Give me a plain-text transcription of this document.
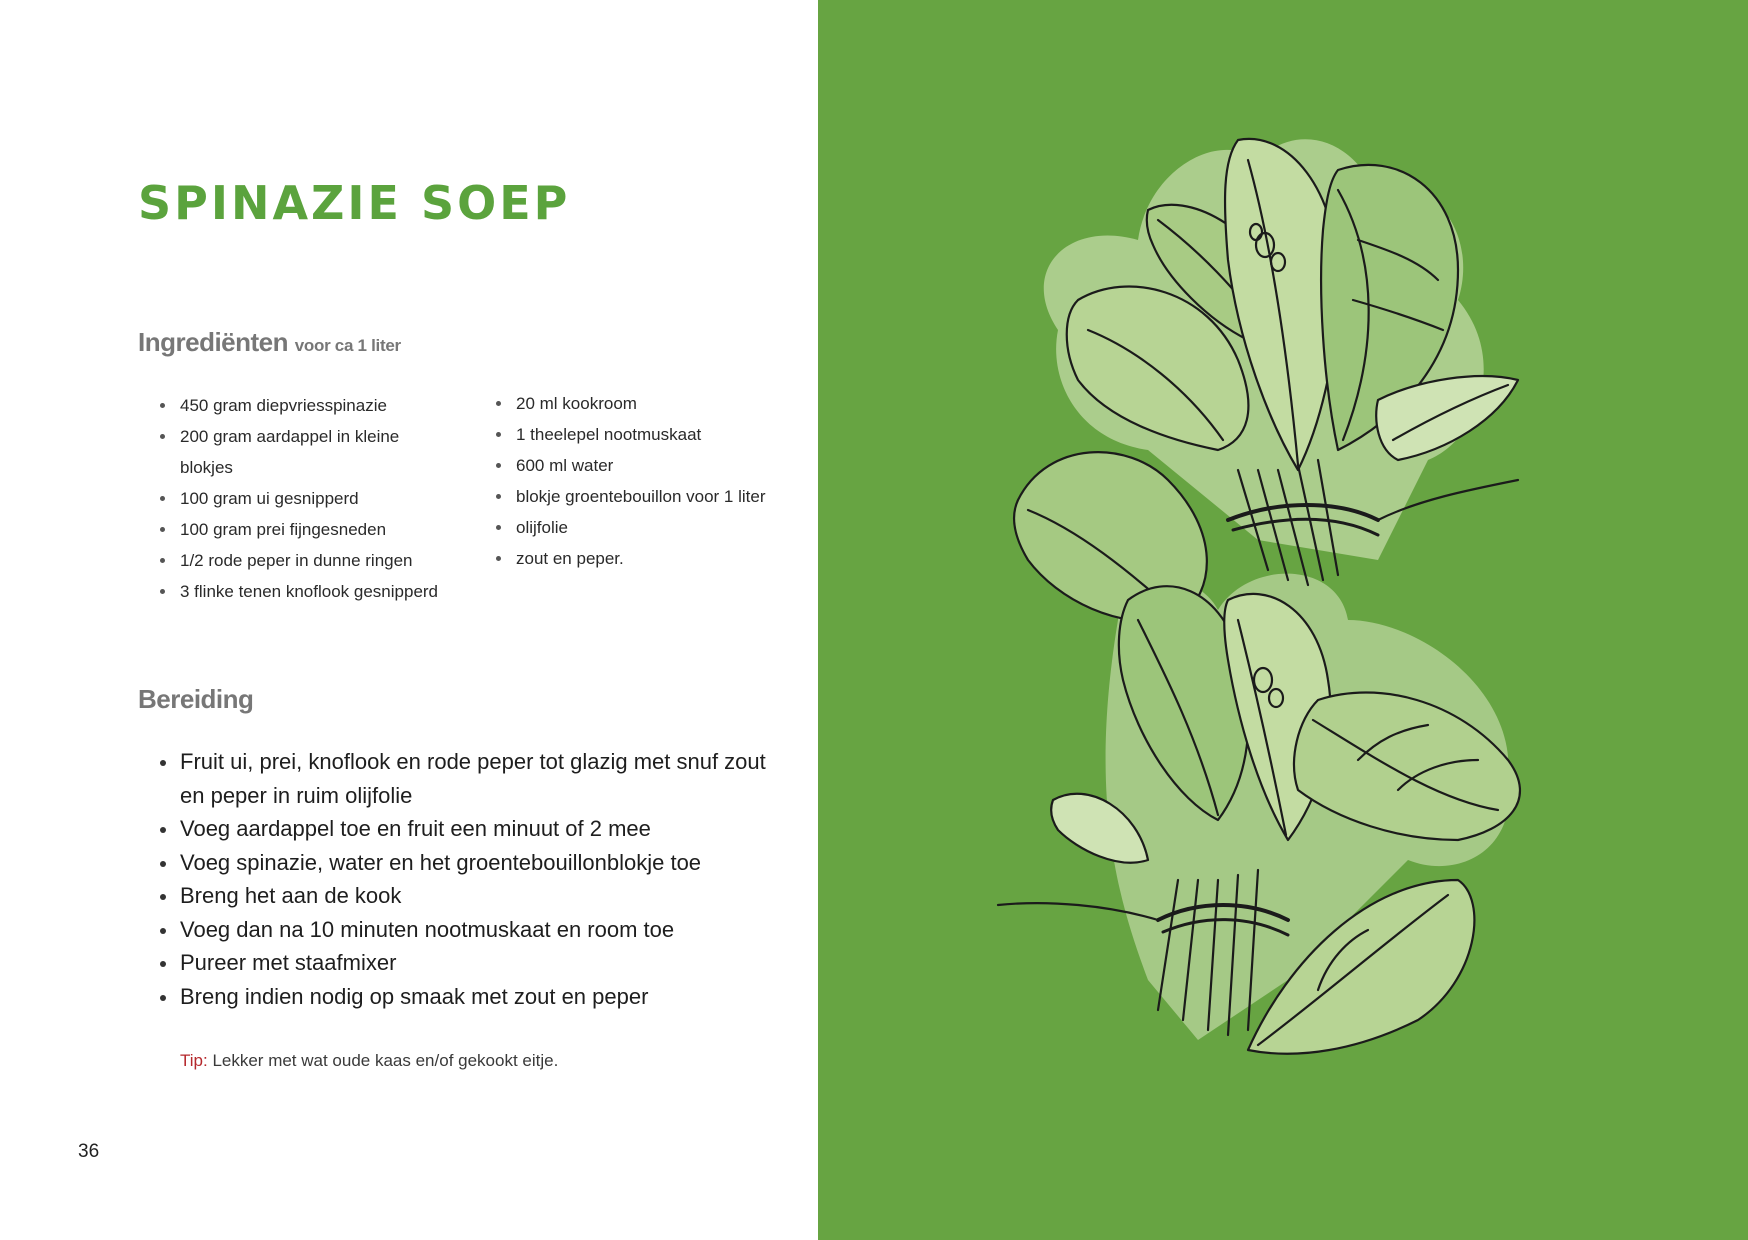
SPINAZIE SOEP
Ingrediënten voor ca 1 liter
450 gram diepvriesspinazie
200 gram aardappel in kleine blokjes
100 gram ui gesnipperd
100 gram prei fijngesneden
1/2 rode peper in dunne ringen
3 flinke tenen knoflook gesnipperd
20 ml kookroom
1 theelepel nootmuskaat
600 ml water
blokje groentebouillon voor 1 liter
olijfolie
zout en peper.
Bereiding
Fruit ui, prei, knoflook en rode peper tot glazig met snuf zout en peper in ruim olijfolie
Voeg aardappel toe en fruit een minuut of 2 mee
Voeg spinazie, water en het groentebouillonblokje toe
Breng het aan de kook
Voeg dan na 10 minuten nootmuskaat en room toe
Pureer met staafmixer
Breng indien nodig op smaak met zout en peper

Tip: Lekker met wat oude kaas en/of gekookt eitje.

36
